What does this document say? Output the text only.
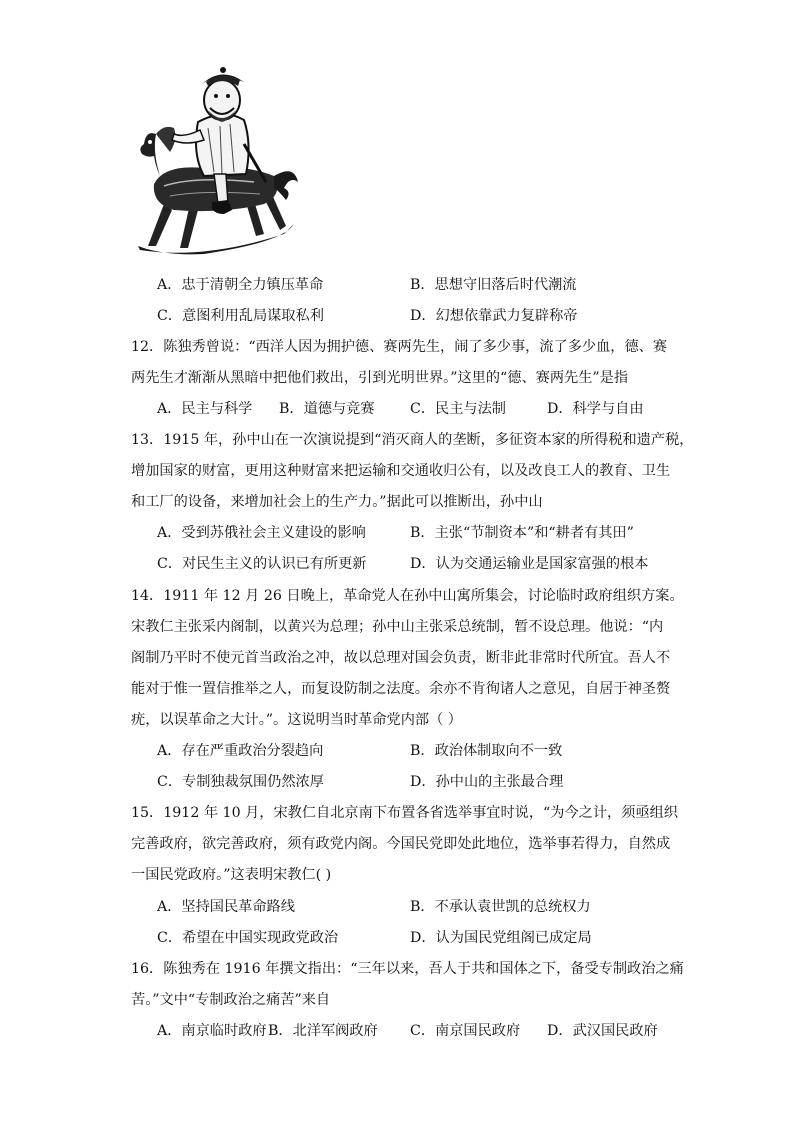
A．忠于清朝全力镇压革命	B．思想守旧落后时代潮流
C．意图利用乱局谋取私利	D．幻想依靠武力复辟称帝
12．陈独秀曾说：“西洋人因为拥护德、赛两先生，闹了多少事，流了多少血，德、赛
两先生才渐渐从黑暗中把他们救出，引到光明世界。”这里的“德、赛两先生”是指
A．民主与科学 B．道德与竞赛 C．民主与法制	D．科学与自由
13．1915 年，孙中山在一次演说提到“消灭商人的垄断，多征资本家的所得税和遗产税，
增加国家的财富，更用这种财富来把运输和交通收归公有，以及改良工人的教育、卫生
和工厂的设备，来增加社会上的生产力。”据此可以推断出，孙中山
A．受到苏俄社会主义建设的影响	B．主张“节制资本”和“耕者有其田”
C．对民生主义的认识已有所更新	D．认为交通运输业是国家富强的根本
14．1911 年 12 月 26 日晚上，革命党人在孙中山寓所集会，讨论临时政府组织方案。
宋教仁主张采内阁制，以黄兴为总理；孙中山主张采总统制，暂不设总理。他说：“内
阁制乃平时不使元首当政治之冲，故以总理对国会负责，断非此非常时代所宜。吾人不
能对于惟一置信推举之人，而复设防制之法度。余亦不肯徇诸人之意见，自居于神圣赘
疣，以误革命之大计。”。这说明当时革命党内部（ ）
A．存在严重政治分裂趋向	B．政治体制取向不一致
C．专制独裁氛围仍然浓厚	D．孙中山的主张最合理
15．1912 年 10 月，宋教仁自北京南下布置各省选举事宜时说，“为今之计，须亟组织
完善政府，欲完善政府，须有政党内阁。今国民党即处此地位，选举事若得力，自然成
一国民党政府。”这表明宋教仁( )
A．坚持国民革命路线	B．不承认袁世凯的总统权力
C．希望在中国实现政党政治	D．认为国民党组阁已成定局
16．陈独秀在 1916 年撰文指出：“三年以来，吾人于共和国体之下，备受专制政治之痛
苦。”文中“专制政治之痛苦”来自
A．南京临时政府 B．北洋军阀政府 C．南京国民政府 D．武汉国民政府
